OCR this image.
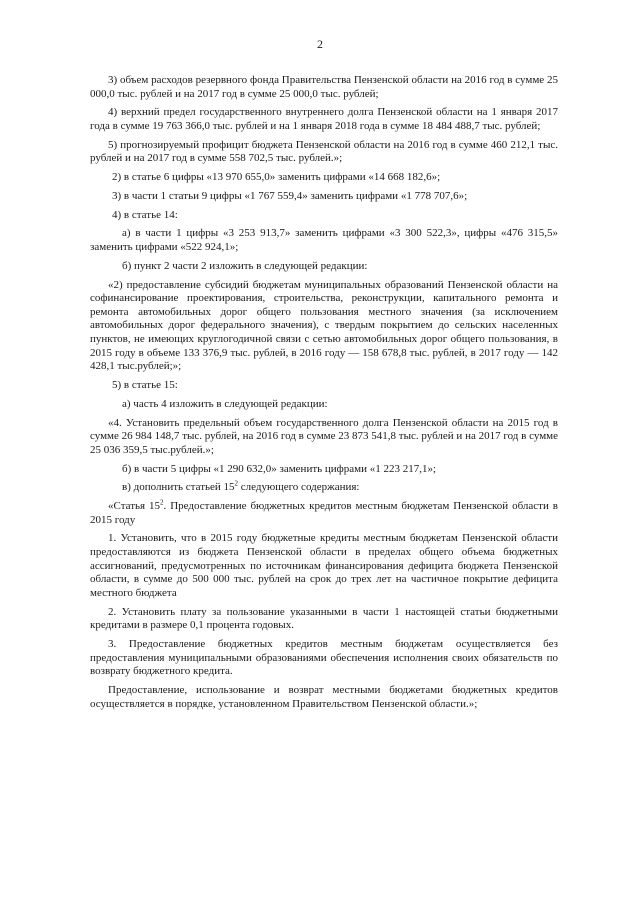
2

3) объем расходов резервного фонда Правительства Пензенской области на 2016 год в сумме 25 000,0 тыс. рублей и на 2017 год в сумме 25 000,0 тыс. рублей;

4) верхний предел государственного внутреннего долга Пензенской области на 1 января 2017 года в сумме 19 763 366,0 тыс. рублей и на 1 января 2018 года в сумме 18 484 488,7 тыс. рублей;

5) прогнозируемый профицит бюджета Пензенской области на 2016 год в сумме 460 212,1 тыс. рублей и на 2017 год в сумме 558 702,5 тыс. рублей.»;

2) в статье 6 цифры «13 970 655,0» заменить цифрами «14 668 182,6»;

3) в части 1 статьи 9 цифры «1 767 559,4» заменить цифрами «1 778 707,6»;

4) в статье 14:

а) в части 1 цифры «3 253 913,7» заменить цифрами «3 300 522,3», цифры «476 315,5» заменить цифрами «522 924,1»;

б) пункт 2 части 2 изложить в следующей редакции:

«2) предоставление субсидий бюджетам муниципальных образований Пензенской области на софинансирование проектирования, строительства, реконструкции, капитального ремонта и ремонта автомобильных дорог общего пользования местного значения (за исключением автомобильных дорог федерального значения), с твердым покрытием до сельских населенных пунктов, не имеющих круглогодичной связи с сетью автомобильных дорог общего пользования, в 2015 году в объеме 133 376,9 тыс. рублей, в 2016 году — 158 678,8 тыс. рублей, в 2017 году — 142 428,1 тыс.рублей;»;

5) в статье 15:

а) часть 4 изложить в следующей редакции:

«4. Установить предельный объем государственного долга Пензенской области на 2015 год в сумме 26 984 148,7 тыс. рублей, на 2016 год в сумме 23 873 541,8 тыс. рублей и на 2017 год в сумме 25 036 359,5 тыс.рублей.»;

б) в части 5 цифры «1 290 632,0» заменить цифрами «1 223 217,1»;

в) дополнить статьей $15^2$ следующего содержания:

«Статья $15^2$. Предоставление бюджетных кредитов местным бюджетам Пензенской области в 2015 году

1. Установить, что в 2015 году бюджетные кредиты местным бюджетам Пензенской области предоставляются из бюджета Пензенской области в пределах общего объема бюджетных ассигнований, предусмотренных по источникам финансирования дефицита бюджета Пензенской области, в сумме до 500 000 тыс. рублей на срок до трех лет на частичное покрытие дефицита местного бюджета

2. Установить плату за пользование указанными в части 1 настоящей статьи бюджетными кредитами в размере 0,1 процента годовых.

3. Предоставление бюджетных кредитов местным бюджетам осуществляется без предоставления муниципальными образованиями обеспечения исполнения своих обязательств по возврату бюджетного кредита.

Предоставление, использование и возврат местными бюджетами бюджетных кредитов осуществляется в порядке, установленном Правительством Пензенской области.»;
